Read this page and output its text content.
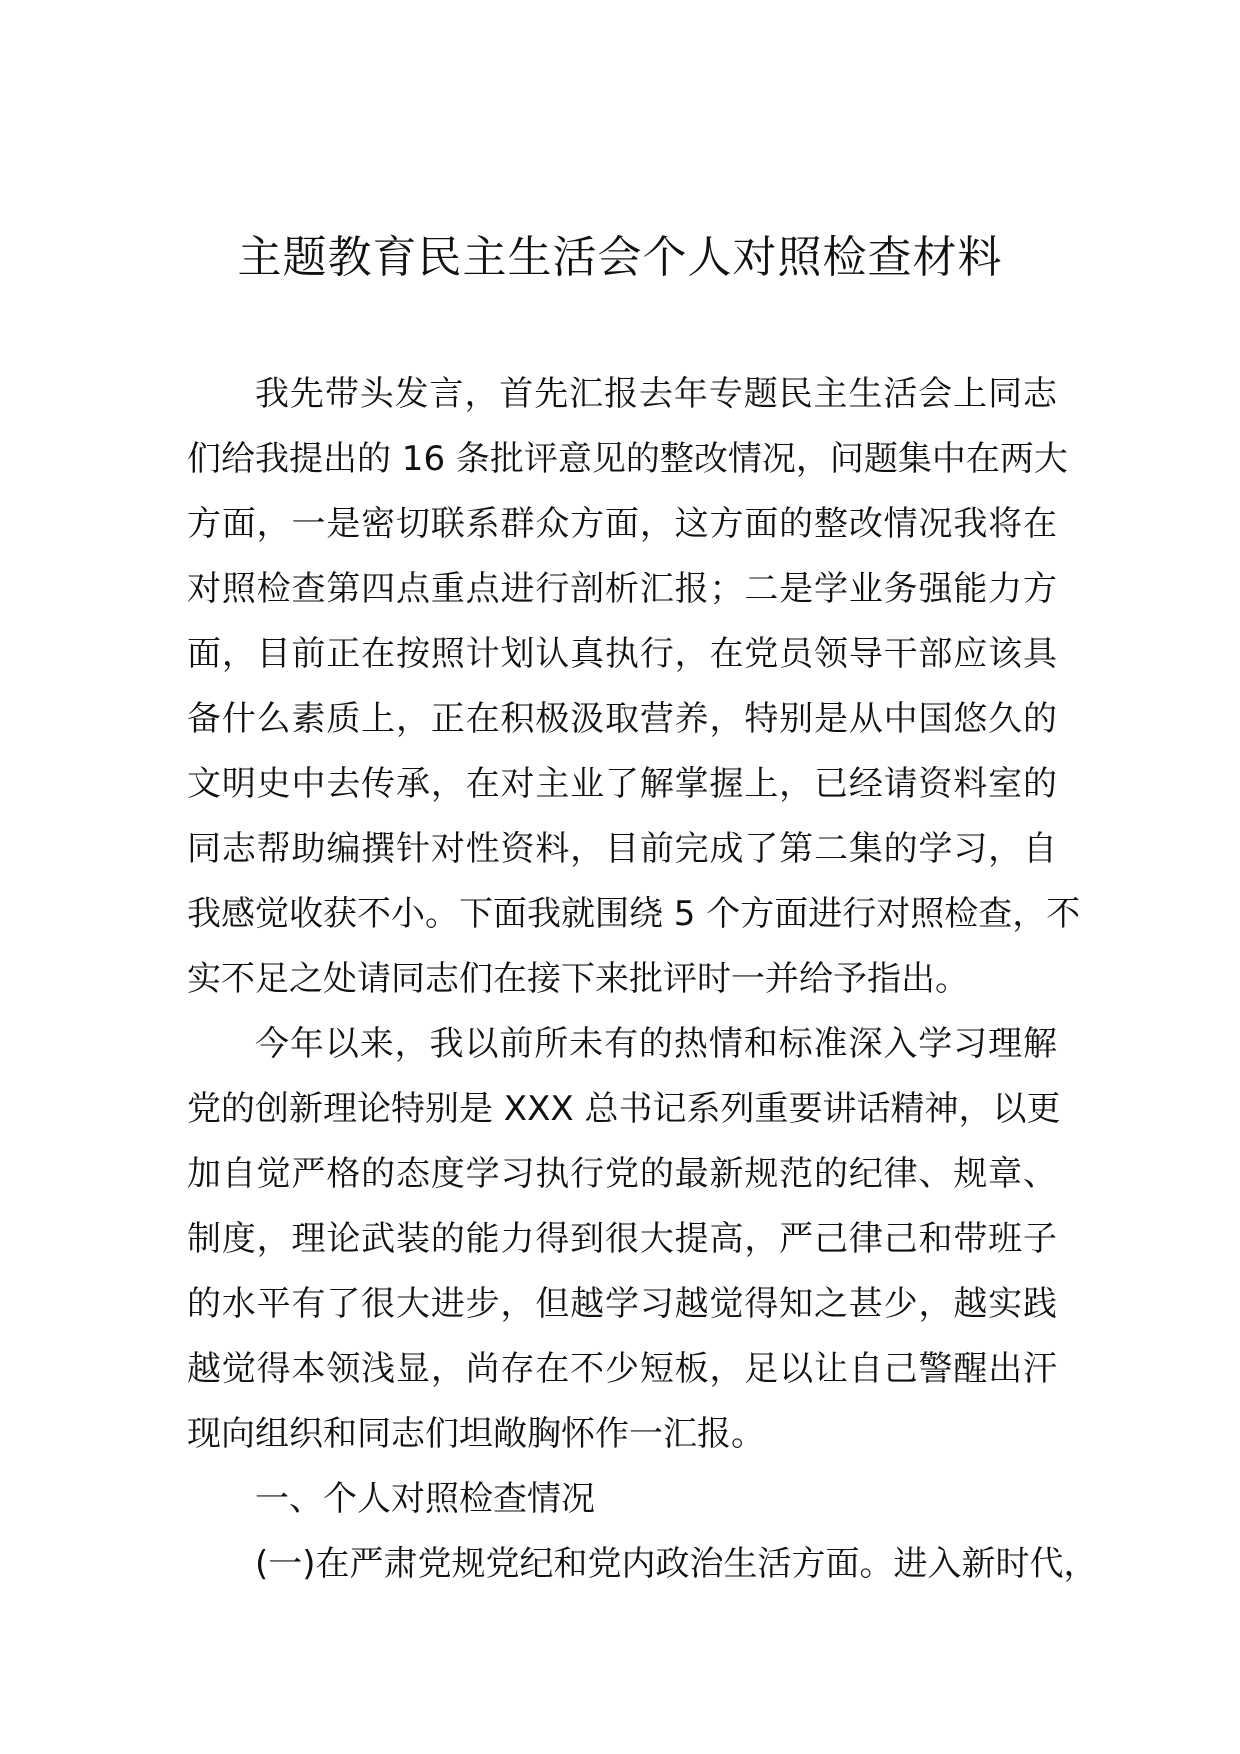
主题教育民主生活会个人对照检查材料
我先带头发言，首先汇报去年专题民主生活会上同志
们给我提出的 16 条批评意见的整改情况，问题集中在两大
方面，一是密切联系群众方面，这方面的整改情况我将在
对照检查第四点重点进行剖析汇报；二是学业务强能力方
面，目前正在按照计划认真执行，在党员领导干部应该具
备什么素质上，正在积极汲取营养，特别是从中国悠久的
文明史中去传承，在对主业了解掌握上，已经请资料室的
同志帮助编撰针对性资料，目前完成了第二集的学习，自
我感觉收获不小。下面我就围绕 5 个方面进行对照检查，不
实不足之处请同志们在接下来批评时一并给予指出。
今年以来，我以前所未有的热情和标准深入学习理解
党的创新理论特别是 XXX 总书记系列重要讲话精神，以更
加自觉严格的态度学习执行党的最新规范的纪律、规章、
制度，理论武装的能力得到很大提高，严己律己和带班子
的水平有了很大进步，但越学习越觉得知之甚少，越实践
越觉得本领浅显，尚存在不少短板，足以让自己警醒出汗
现向组织和同志们坦敞胸怀作一汇报。
一、个人对照检查情况
(一)在严肃党规党纪和党内政治生活方面。进入新时代，
